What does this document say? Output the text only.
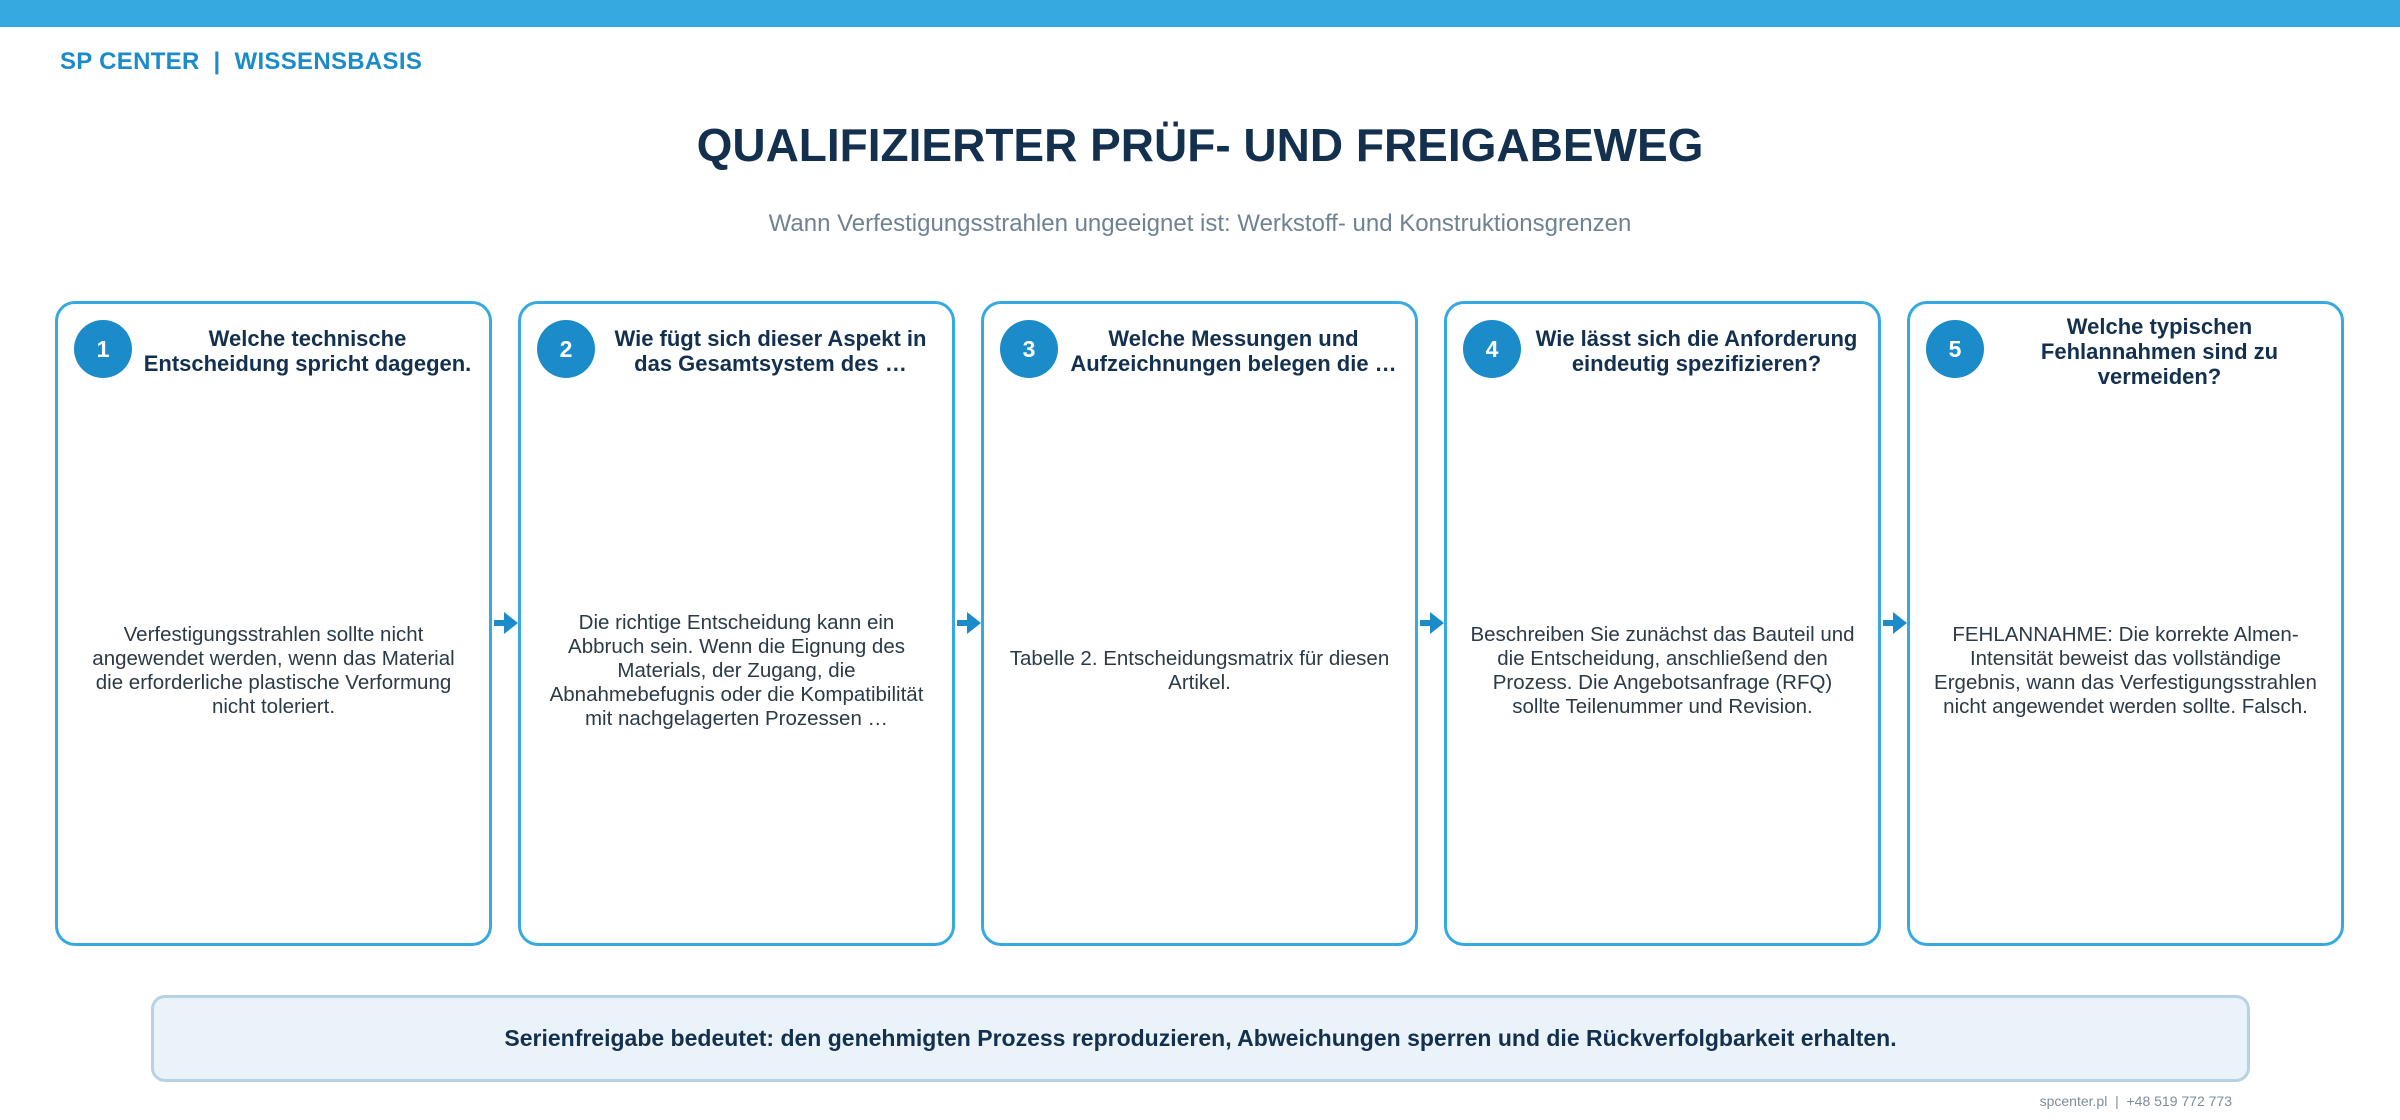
SP CENTER  |  WISSENSBASIS
QUALIFIZIERTER PRÜF- UND FREIGABEWEG
Wann Verfestigungsstrahlen ungeeignet ist: Werkstoff- und Konstruktionsgrenzen
1	Welche technische Entscheidung spricht dagegen.
Verfestigungsstrahlen sollte nicht angewendet werden, wenn das Material die erforderliche plastische Verformung nicht toleriert.
2	Wie fügt sich dieser Aspekt in das Gesamtsystem des …
Die richtige Entscheidung kann ein Abbruch sein. Wenn die Eignung des Materials, der Zugang, die Abnahmebefugnis oder die Kompatibilität mit nachgelagerten Prozessen …
3	Welche Messungen und Aufzeichnungen belegen die …
Tabelle 2. Entscheidungsmatrix für diesen Artikel.
4	Wie lässt sich die Anforderung eindeutig spezifizieren?
Beschreiben Sie zunächst das Bauteil und die Entscheidung, anschließend den Prozess. Die Angebotsanfrage (RFQ) sollte Teilenummer und Revision.
5
Welche typischen Fehlannahmen sind zu vermeiden?
FEHLANNAHME: Die korrekte Almen-Intensität beweist das vollständige Ergebnis, wann das Verfestigungsstrahlen nicht angewendet werden sollte. Falsch.
Serienfreigabe bedeutet: den genehmigten Prozess reproduzieren, Abweichungen sperren und die Rückverfolgbarkeit erhalten.
spcenter.pl  |  +48 519 772 773
